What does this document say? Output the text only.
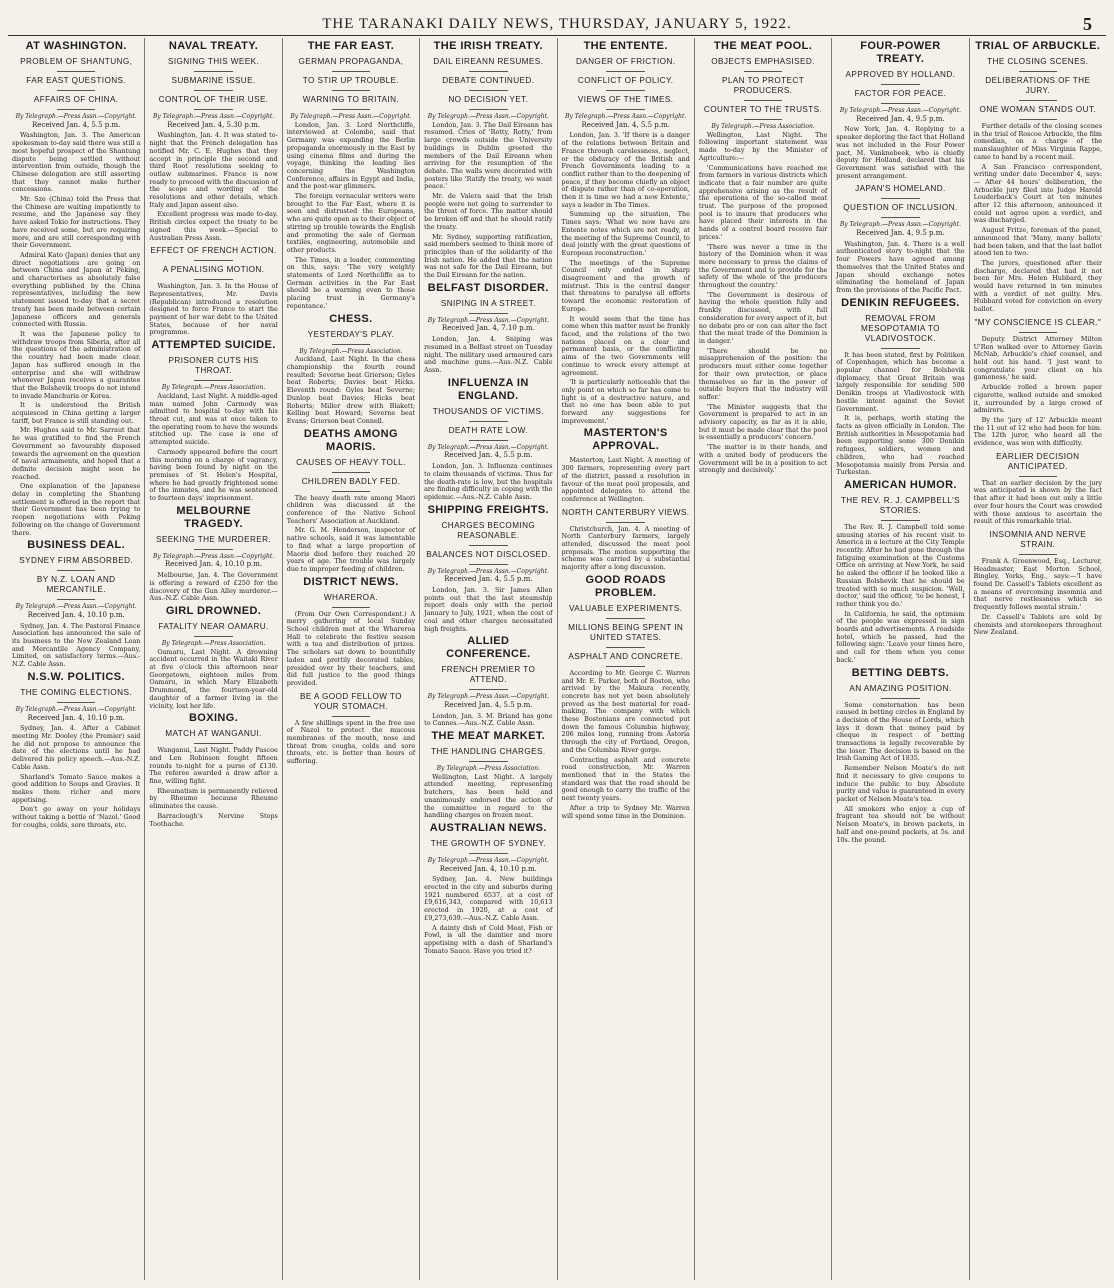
THE TARANAKI DAILY NEWS, THURSDAY, JANUARY 5, 1922.	5
AT WASHINGTON.
PROBLEM OF SHANTUNG,
FAR EAST QUESTIONS.
AFFAIRS OF CHINA.
By Telegraph.—Press Assn.—Copyright.
Received Jan. 4, 5.5 p.m.
Washington, Jan. 3. The American spokesman to-day said there was still a most hopeful prospect of the Shantung dispute being settled without intervention from outside, though the Chinese delegation are still asserting that they cannot make further concessions.
Mr. Sze (China) told the Press that the Chinese are waiting impatiently to resume, and the Japanese say they have asked Tokio for instructions. They have received some, but are requiring more, and are still corresponding with their Government.
Admiral Kato (Japan) denies that any direct negotiations are going on between China and Japan at Peking, and characterises as absolutely false everything published by the China representatives, including the new statement issued to-day that a secret treaty has been made between certain Japanese officers and generals connected with Russia.
It was the Japanese policy to withdraw troops from Siberia, after all the questions of the administration of the country had been made clear. Japan has suffered enough in the enterprise and she will withdraw whenever Japan receives a guarantee that the Bolshevik troops do not intend to invade Manchuria or Korea.
It is understood the British acquiesced in China getting a larger tariff, but France is still standing out.
Mr. Hughes said to Mr. Sarraut that he was gratified to find the French Government so favourably disposed towards the agreement on the question of naval armaments, and hoped that a definite decision might soon be reached.
One explanation of the Japanese delay in completing the Shantung settlement is offered in the report that their Government has been trying to reopen negotiations with Peking following on the change of Government there.
BUSINESS DEAL.
SYDNEY FIRM ABSORBED.
BY N.Z. LOAN AND MERCANTILE.
By Telegraph.—Press Assn.—Copyright.
Received Jan. 4, 10.10 p.m.
Sydney, Jan. 4. The Pastoral Finance Association has announced the sale of its business to the New Zealand Loan and Mercantile Agency Company, Limited, on satisfactory terms.—Aus.-N.Z. Cable Assn.
N.S.W. POLITICS.
THE COMING ELECTIONS.
By Telegraph.—Press Assn.—Copyright.
Received Jan. 4, 10.10 p.m.
Sydney, Jan. 4. After a Cabinet meeting Mr. Dooley (the Premier) said he did not propose to announce the date of the elections until he had delivered his policy speech.—Aus.-N.Z. Cable Assn.
Sharland's Tomato Sauce makes a good addition to Soups and Gravies. It makes them richer and more appetising.
Don't go away on your holidays without taking a bottle of 'Nazol.' Good for coughs, colds, sore throats, etc.
NAVAL TREATY.
SIGNING THIS WEEK.
SUBMARINE ISSUE.
CONTROL OF THEIR USE.
By Telegraph.—Press Assn.—Copyright.
Received Jan. 4, 5.30 p.m.
Washington, Jan. 4. It was stated to-night that the French delegation has notified Mr. C. E. Hughes that they accept in principle the second and third Root resolutions seeking to outlaw submarines. France is now ready to proceed with the discussion of the scope and wording of the resolutions and other details, which Italy and Japan assent also.
Excellent progress was made to-day. British circles expect the treaty to be signed this week.—Special to Australian Press Assn.
EFFECT OF FRENCH ACTION.
A PENALISING MOTION.
Washington, Jan. 3. In the House of Representatives, Mr. Davis (Republican) introduced a resolution designed to force France to start the payment of her war debt to the United States, because of her naval programme.
ATTEMPTED SUICIDE.
PRISONER CUTS HIS THROAT.
By Telegraph.—Press Association.
Auckland, Last Night. A middle-aged man named John Carmody was admitted to hospital to-day with his throat cut, and was at once taken to the operating room to have the wounds stitched up. The case is one of attempted suicide.
Carmody appeared before the court this morning on a charge of vagrancy, having been found by night on the premises of St. Helen's Hospital, where he had greatly frightened some of the inmates, and he was sentenced to fourteen days' imprisonment.
MELBOURNE TRAGEDY.
SEEKING THE MURDERER.
By Telegraph.—Press Assn.—Copyright.
Received Jan. 4, 10.10 p.m.
Melbourne, Jan. 4. The Government is offering a reward of £250 for the discovery of the Gun Alley murderer.—Aus.-N.Z. Cable Assn.
GIRL DROWNED.
FATALITY NEAR OAMARU.
By Telegraph.—Press Association.
Oamaru, Last Night. A drowning accident occurred in the Waitaki River at five o'clock this afternoon near Georgetown, eighteen miles from Oamaru, in which Mary Elizabeth Drummond, the fourteen-year-old daughter of a farmer living in the vicinity, lost her life.
BOXING.
MATCH AT WANGANUI.
Wanganui, Last Night. Paddy Pascoe and Len Robinson fought fifteen rounds to-night for a purse of £130. The referee awarded a draw after a fine, willing fight.
Rheumatism is permanently relieved by Rheumo because Rheumo eliminates the cause.
Barraclough's Nervine Stops Toothache.
THE FAR EAST.
GERMAN PROPAGANDA,
TO STIR UP TROUBLE.
WARNING TO BRITAIN.
By Telegraph.—Press Assn.—Copyright.
London, Jan. 3. Lord Northcliffe, interviewed at Colombo, said that Germany was expanding the Berlin propaganda enormously in the East by using cinema films and during the voyage, thinking the leading lies concerning the Washington Conference, affairs in Egypt and India, and the post-war glimmers.
The foreign vernacular writers were brought to the Far East, where it is seen and distrusted the Europeans, who are quite open as to their object of stirring up trouble towards the English and promoting the sale of German textiles, engineering, automobile and other products.
The Times, in a leader, commenting on this, says: 'The very weighty statements of Lord Northcliffe as to German activities in the Far East should be a warning even to those placing trust in Germany's repentance.'
CHESS.
YESTERDAY'S PLAY.
By Telegraph.—Press Association.
Auckland, Last Night. In the chess championship the fourth round resulted: Severne beat Grierson; Gyles beat Roberts; Davies beat Hicks. Eleventh round: Gyles beat Severne; Dunlop beat Davies; Hicks beat Roberts; Miller drew with Blakett; Kelling beat Howard; Severne beat Evans; Grierson beat Connell.
DEATHS AMONG MAORIS.
CAUSES OF HEAVY TOLL.
CHILDREN BADLY FED.
The heavy death rate among Maori children was discussed at the conference of the Native School Teachers' Association at Auckland.
Mr. G. M. Henderson, inspector of native schools, said it was lamentable to find what a large proportion of Maoris died before they reached 20 years of age. The trouble was largely due to improper feeding of children.
DISTRICT NEWS.
WHAREROA.
(From Our Own Correspondent.) A merry gathering of local Sunday School children met at the Whareroa Hall to celebrate the festive season with a tea and distribution of prizes. The scholars sat down to bountifully laden and prettily decorated tables, presided over by their teachers, and did full justice to the good things provided.
BE A GOOD FELLOW TO YOUR STOMACH.
A few shillings spent in the free use of Nazol to protect the mucous membranes of the mouth, nose and throat from coughs, colds and sore throats, etc. is better than hours of suffering.
THE IRISH TREATY.
DAIL EIREANN RESUMES.
DEBATE CONTINUED.
NO DECISION YET.
By Telegraph.—Press Assn.—Copyright.
London, Jan. 3. The Dail Eireann has resumed. Cries of 'Rotty, Rotty,' from large crowds outside the University buildings in Dublin greeted the members of the Dail Eireann when arriving for the resumption of the debate. The walls were decorated with posters like 'Ratify the treaty, we want peace.'
Mr. de Valera said that the Irish people were not going to surrender to the threat of force. The matter should be broken off and that he should ratify the treaty.
Mr. Sydney, supporting ratification, said members seemed to think more of principles than of the solidarity of the Irish nation. He added that the nation was not safe for the Dail Eireann, but the Dail Eireann for the nation.
BELFAST DISORDER.
SNIPING IN A STREET.
By Telegraph.—Press Assn.—Copyright.
Received Jan. 4, 7.10 p.m.
London, Jan. 4. Sniping was resumed in a Belfast street on Tuesday night. The military used armoured cars and machine guns.—Aus.-N.Z. Cable Assn.
INFLUENZA IN ENGLAND.
THOUSANDS OF VICTIMS.
DEATH RATE LOW.
By Telegraph.—Press Assn.—Copyright.
Received Jan. 4, 5.5 p.m.
London, Jan. 3. Influenza continues to claim thousands of victims. Thus far the death-rate is low, but the hospitals are finding difficulty in coping with the epidemic.—Aus.-N.Z. Cable Assn.
SHIPPING FREIGHTS.
CHARGES BECOMING REASONABLE.
BALANCES NOT DISCLOSED.
By Telegraph.—Press Assn.—Copyright.
Received Jan. 4, 5.5 p.m.
London, Jan. 3. Sir James Allen points out that the last steamship report deals only with the period January to July, 1921, when the cost of coal and other charges necessitated high freights.
ALLIED CONFERENCE.
FRENCH PREMIER TO ATTEND.
By Telegraph.—Press Assn.—Copyright.
Received Jan. 4, 5.5 p.m.
London, Jan. 3. M. Briand has gone to Cannes.—Aus.-N.Z. Cable Assn.
THE MEAT MARKET.
THE HANDLING CHARGES.
By Telegraph.—Press Association.
Wellington, Last Night. A largely attended meeting, representing butchers, has been held and unanimously endorsed the action of the committee in regard to the handling charges on frozen meat.
AUSTRALIAN NEWS.
THE GROWTH OF SYDNEY.
By Telegraph.—Press Assn.—Copyright.
Received Jan. 4, 10.10 p.m.
Sydney, Jan. 4. New buildings erected in the city and suburbs during 1921 numbered 6537, at a cost of £9,616,343, compared with 10,613 erected in 1920, at a cost of £9,273,639.—Aus.-N.Z. Cable Assn.
A dainty dish of Cold Meat, Fish or Fowl, is all the daintier and more appetising with a dash of Sharland's Tomato Sauce. Have you tried it?
THE ENTENTE.
DANGER OF FRICTION.
CONFLICT OF POLICY.
VIEWS OF THE TIMES.
By Telegraph.—Press Assn.—Copyright.
Received Jan. 4, 5.5 p.m.
London, Jan. 3. 'If there is a danger of the relations between Britain and France through carelessness, neglect, or the obduracy of the British and French Governments leading to a conflict rather than to the deepening of peace, if they become chiefly an object of dispute rather than of co-operation, then it is time we had a new Entente,' says a leader in The Times.
Summing up the situation, The Times says: 'What we now have are Entente notes which are not ready, at the meeting of the Supreme Council, to deal jointly with the great questions of European reconstruction.'
The meetings of the Supreme Council only ended in sharp disagreement and the growth of mistrust. This is the central danger that threatens to paralyse all efforts toward the economic restoration of Europe.
It would seem that the time has come when this matter must be frankly faced, and the relations of the two nations placed on a clear and permanent basis, or the conflicting aims of the two Governments will continue to wreck every attempt at agreement.
'It is particularly noticeable that the only point on which so far has come to light is of a destructive nature, and that no one has been able to put forward any suggestions for improvement.'
MASTERTON'S APPROVAL.
Masterton, Last Night. A meeting of 300 farmers, representing every part of the district, passed a resolution in favour of the meat pool proposals, and appointed delegates to attend the conference at Wellington.
NORTH CANTERBURY VIEWS.
Christchurch, Jan. 4. A meeting of North Canterbury farmers, largely attended, discussed the meat pool proposals. The motion supporting the scheme was carried by a substantial majority after a long discussion.
GOOD ROADS PROBLEM.
VALUABLE EXPERIMENTS.
MILLIONS BEING SPENT IN UNITED STATES.
ASPHALT AND CONCRETE.
According to Mr. George C. Warren and Mr. E. Parker, both of Boston, who arrived by the Makura recently, concrete has not yet been absolutely proved as the best material for road-making. The company with which these Bostonians are connected put down the famous Columbia highway, 206 miles long, running from Astoria through the city of Portland, Oregon, and the Columbia River gorge.
Contracting asphalt and concrete road construction, Mr. Warren mentioned that in the States the standard was that the road should be good enough to carry the traffic of the next twenty years.
After a trip to Sydney Mr. Warren will spend some time in the Dominion.
THE MEAT POOL.
OBJECTS EMPHASISED.
PLAN TO PROTECT PRODUCERS.
COUNTER TO THE TRUSTS.
By Telegraph.—Press Association.
Wellington, Last Night. The following important statement was made to-day by the Minister of Agriculture:—
'Communications have reached me from farmers in various districts which indicate that a fair number are quite apprehensive arising as the result of the operations of the so-called meat trust. The purpose of the proposed pool is to insure that producers who have placed their interests in the hands of a control board receive fair prices.'
'There was never a time in the history of the Dominion when it was more necessary to press the claims of the Government and to provide for the safety of the whole of the producers throughout the country.'
'The Government is desirous of having the whole question fully and frankly discussed, with full consideration for every aspect of it, but no debate pro or con can alter the fact that the meat trade of the Dominion is in danger.'
'There should be no misapprehension of the position: the producers must either come together for their own protection, or place themselves so far in the power of outside buyers that the industry will suffer.'
'The Minister suggests that the Government is prepared to act in an advisory capacity, as far as it is able, but it must be made clear that the pool is essentially a producers' concern.'
'The matter is in their hands, and with a united body of producers the Government will be in a position to act strongly and decisively.'
FOUR-POWER TREATY.
APPROVED BY HOLLAND.
FACTOR FOR PEACE.
By Telegraph.—Press Assn.—Copyright.
Received Jan. 4, 9.5 p.m.
New York, Jan. 4. Replying to a speaker deploring the fact that Holland was not included in the Four Power pact, M. Vanknebeek, who is chiefly deputy for Holland, declared that his Government was satisfied with the present arrangement.
JAPAN'S HOMELAND.
QUESTION OF INCLUSION.
By Telegraph.—Press Assn.—Copyright.
Received Jan. 4, 9.5 p.m.
Washington, Jan. 4. There is a well authenticated story to-night that the four Powers have agreed among themselves that the United States and Japan should exchange notes eliminating the homeland of Japan from the provisions of the Pacific Pact.
DENIKIN REFUGEES.
REMOVAL FROM MESOPOTAMIA TO VLADIVOSTOCK.
It has been stated, first by Politiken of Copenhagen, which has become a popular channel for Bolshevik diplomacy, that Great Britain was largely responsible for sending 500 Denikin troops at Vladivostock with hostile intent against the Soviet Government.
It is, perhaps, worth stating the facts as given officially in London. The British authorities in Mesopotamia had been supporting some 300 Denikin refugees, soldiers, women and children, who had reached Mesopotamia mainly from Persia and Turkestan.
AMERICAN HUMOR.
THE REV. R. J. CAMPBELL'S STORIES.
The Rev. R. J. Campbell told some amusing stories of his recent visit to America in a lecture at the City Temple recently. After he had gone through the fatiguing examination at the Customs Office on arriving at New York, he said he asked the officer if he looked like a Russian Bolshevik that he should be treated with so much suspicion. 'Well, doctor,' said the officer, 'to be honest, I rather think you do.'
In California, he said, the optimism of the people was expressed in sign boards and advertisements. A roadside hotel, which he passed, had the following sign: 'Leave your times here, and call for them when you come back.'
BETTING DEBTS.
AN AMAZING POSITION.
Some consternation has been caused in betting circles in England by a decision of the House of Lords, which lays it down that money paid by cheque in respect of betting transactions is legally recoverable by the loser. The decision is based on the Irish Gaming Act of 1835.
Remember Nelson Moate's do not find it necessary to give coupons to induce the public to buy. Absolute purity and value is guaranteed in every packet of Nelson Moate's tea.
All smokers who enjoy a cup of fragrant tea should not be without Nelson Moate's, in brown packets, in half and one-pound packets, at 5s. and 10s. the pound.
TRIAL OF ARBUCKLE.
THE CLOSING SCENES.
DELIBERATIONS OF THE JURY.
ONE WOMAN STANDS OUT.
Further details of the closing scenes in the trial of Roscoe Arbuckle, the film comedian, on a charge of the manslaughter of Miss Virginia Rappe, came to hand by a recent mail.
A San Francisco correspondent, writing under date December 4, says:— After 44 hours' deliberation, the Arbuckle jury filed into Judge Harold Louderback's Court at ten minutes after 12 this afternoon, announced it could not agree upon a verdict, and was discharged.
August Fritze, foreman of the panel, announced that 'Many, many ballots' had been taken, and that the last ballot stood ten to two.
The jurors, questioned after their discharge, declared that had it not been for Mrs. Helen Hubbard, they would have returned in ten minutes with a verdict of not guilty. Mrs. Hubbard voted for conviction on every ballot.
"MY CONSCIENCE IS CLEAR."
Deputy District Attorney Milton U'Ren walked over to Attorney Gavin McNab, Arbuckle's chief counsel, and held out his hand. 'I just want to congratulate your client on his gameness,' he said.
Arbuckle rolled a brown paper cigarette, walked outside and smoked it, surrounded by a large crowd of admirers.
By the 'jury of 12' Arbuckle meant the 11 out of 12 who had been for him. The 12th juror, who heard all the evidence, was won with difficulty.
EARLIER DECISION ANTICIPATED.
That an earlier decision by the jury was anticipated is shown by the fact that after it had been out only a little over four hours the Court was crowded with those anxious to ascertain the result of this remarkable trial.
INSOMNIA AND NERVE STRAIN.
Frank A. Greenwood, Esq., Lecturer, Headmaster, East Morton School, Bingley, Yorks, Eng., says:—'I have found Dr. Cassell's Tablets excellent as a means of overcoming insomnia and that nerve restlessness which so frequently follows mental strain.'
Dr. Cassell's Tablets are sold by chemists and storekeepers throughout New Zealand.
